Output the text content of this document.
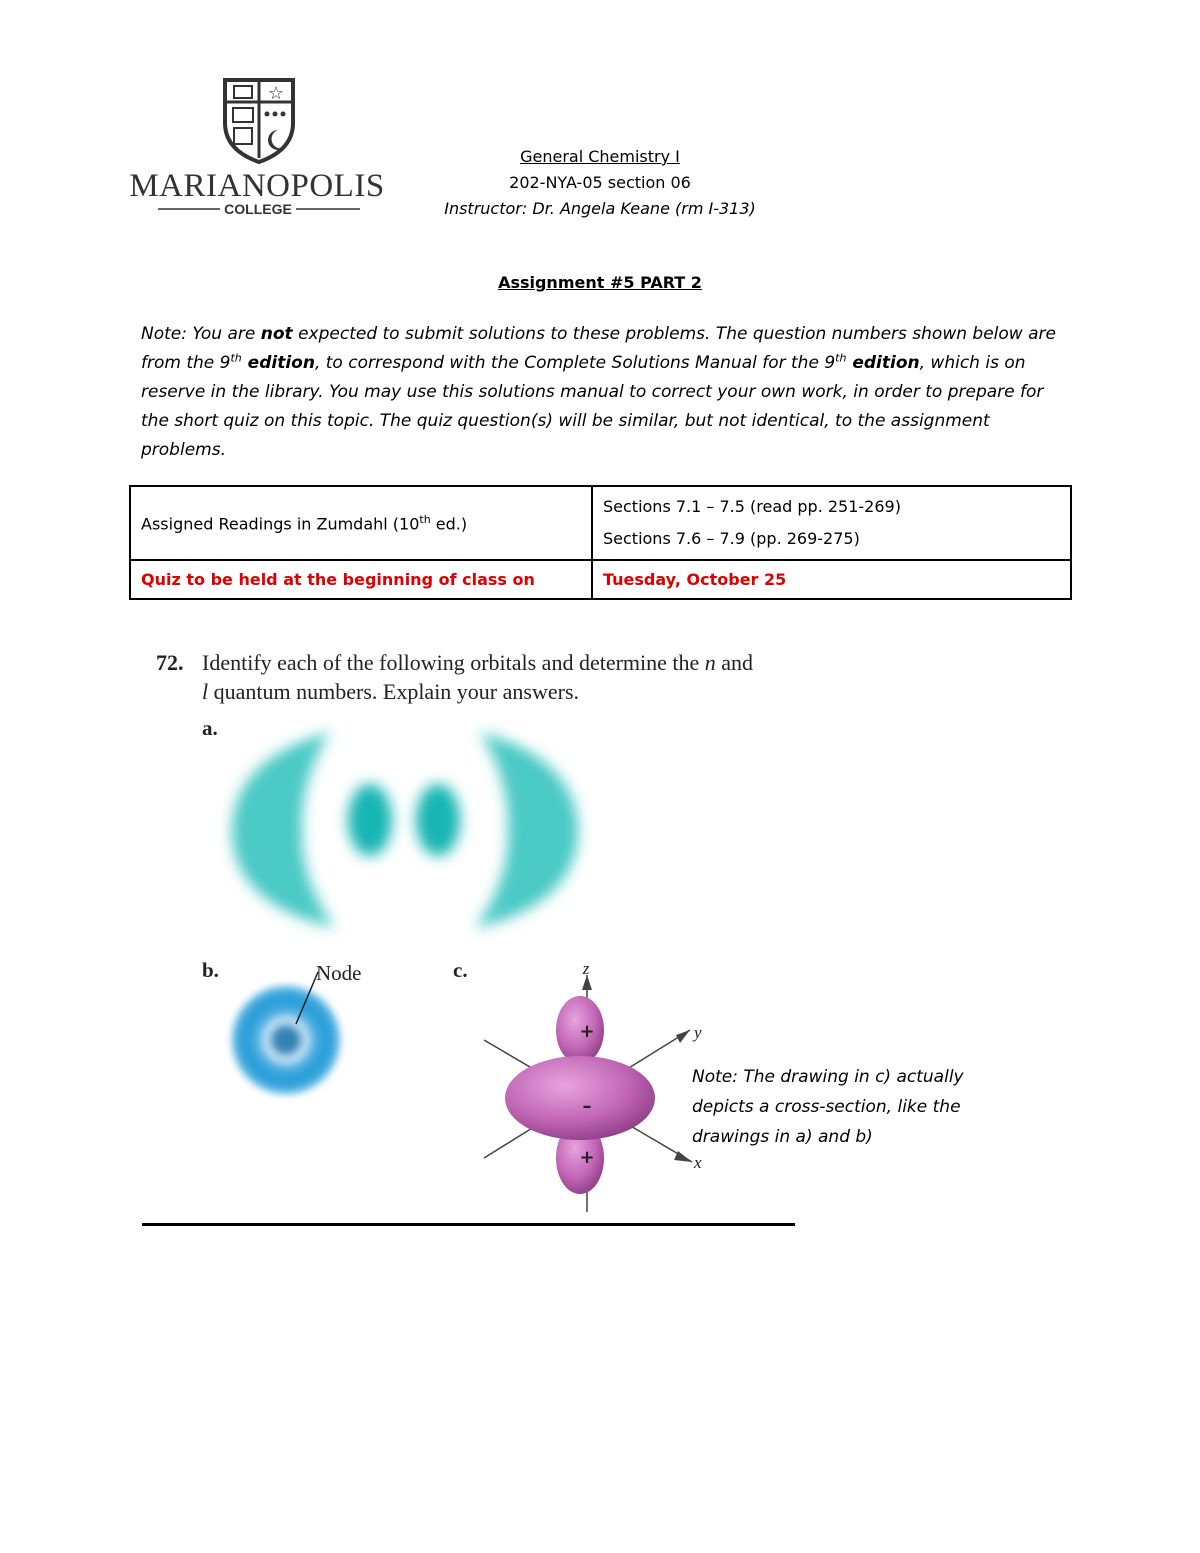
☆
MARIANOPOLIS
COLLEGE
General Chemistry I
202-NYA-05 section 06
Instructor: Dr. Angela Keane (rm I-313)
Assignment #5 PART 2
Note: You are not expected to submit solutions to these problems. The question numbers shown below are from the 9th edition, to correspond with the Complete Solutions Manual for the 9th edition, which is on reserve in the library. You may use this solutions manual to correct your own work, in order to prepare for the short quiz on this topic. The quiz question(s) will be similar, but not identical, to the assignment problems.
Assigned Readings in Zumdahl (10th ed.)	Sections 7.1 – 7.5 (read pp. 251-269)
Sections 7.6 – 7.9 (pp. 269-275)

Quiz to be held at the beginning of class on	Tuesday, October 25
72. Identify each of the following orbitals and determine the n and
l quantum numbers. Explain your answers.
a.
b.	c.
Node
+
–
+
z
y
x
Note: The drawing in c) actually depicts a cross-section, like the drawings in a) and b)
